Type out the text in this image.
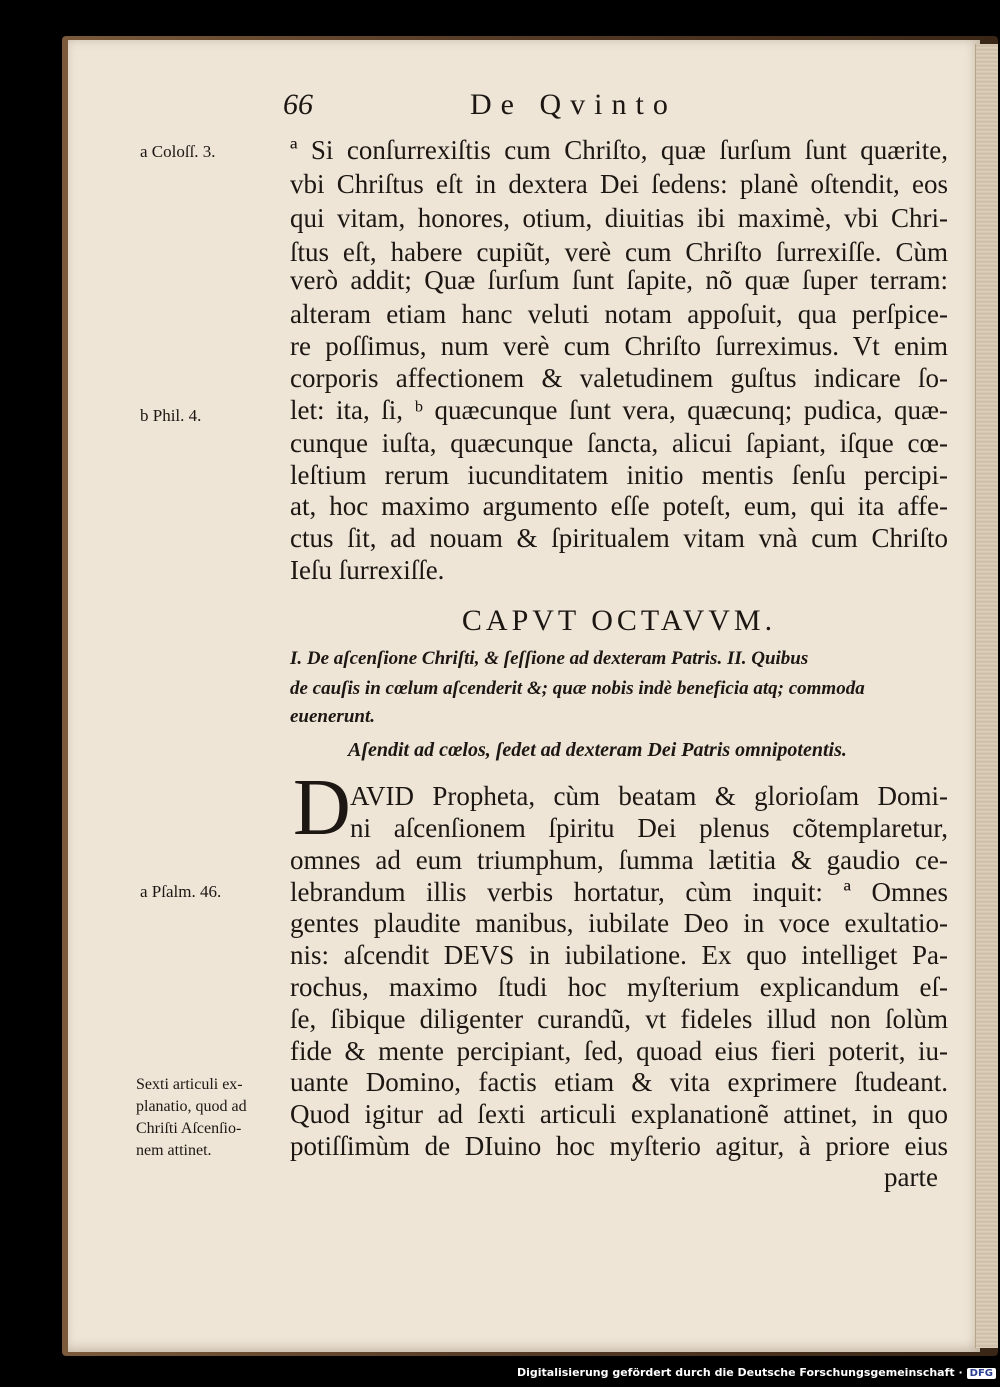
66	De Qvinto
a Coloſſ. 3.
b Phil. 4.
a Pſalm. 46.
Sexti articuli ex-
planatio, quod ad
Chriſti Aſcenſio-
nem attinet.
ª Si conſurrexiſtis cum Chriſto, quæ ſurſum ſunt quærite,
vbi Chriſtus eſt in dextera Dei ſedens: planè oſtendit, eos
qui vitam, honores, otium, diuitias ibi maximè, vbi Chri-
ſtus eſt, habere cupiũt, verè cum Chriſto ſurrexiſſe. Cùm
verò addit; Quæ ſurſum ſunt ſapite, nõ quæ ſuper terram:
alteram etiam hanc veluti notam appoſuit, qua perſpice-
re poſſimus, num verè cum Chriſto ſurreximus. Vt enim
corporis affectionem & valetudinem guſtus indicare ſo-
let: ita, ſi, ᵇ quæcunque ſunt vera, quæcunq; pudica, quæ-
cunque iuſta, quæcunque ſancta, alicui ſapiant, iſque cœ-
leſtium rerum iucunditatem initio mentis ſenſu percipi-
at, hoc maximo argumento eſſe poteſt, eum, qui ita affe-
ctus ſit, ad nouam & ſpiritualem vitam vnà cum Chriſto
Ieſu ſurrexiſſe.
CAPVT OCTAVVM.
I. De aſcenſione Chriſti, & ſeſſione ad dexteram Patris. II. Quibus
de cauſis in cœlum aſcenderit &; quæ nobis indè beneficia atq; commoda
euenerunt.
Aſendit ad cœlos, ſedet ad dexteram Dei Patris omnipotentis.
D AVID Propheta, cùm beatam & glorioſam Domi-
ni aſcenſionem ſpiritu Dei plenus cõtemplaretur,
omnes ad eum triumphum, ſumma lætitia & gaudio ce-
lebrandum illis verbis hortatur, cùm inquit: ª Omnes
gentes plaudite manibus, iubilate Deo in voce exultatio-
nis: aſcendit DEVS in iubilatione. Ex quo intelliget Pa-
rochus, maximo ſtudi hoc myſterium explicandum eſ-
ſe, ſibique diligenter curandũ, vt fideles illud non ſolùm
fide & mente percipiant, ſed, quoad eius fieri poterit, iu-
uante Domino, factis etiam & vita exprimere ſtudeant.
Quod igitur ad ſexti articuli explanationẽ attinet, in quo
potiſſimùm de DIuino hoc myſterio agitur, à priore eius
parte
Digitalisierung gefördert durch die Deutsche Forschungsgemeinschaft · DFG
